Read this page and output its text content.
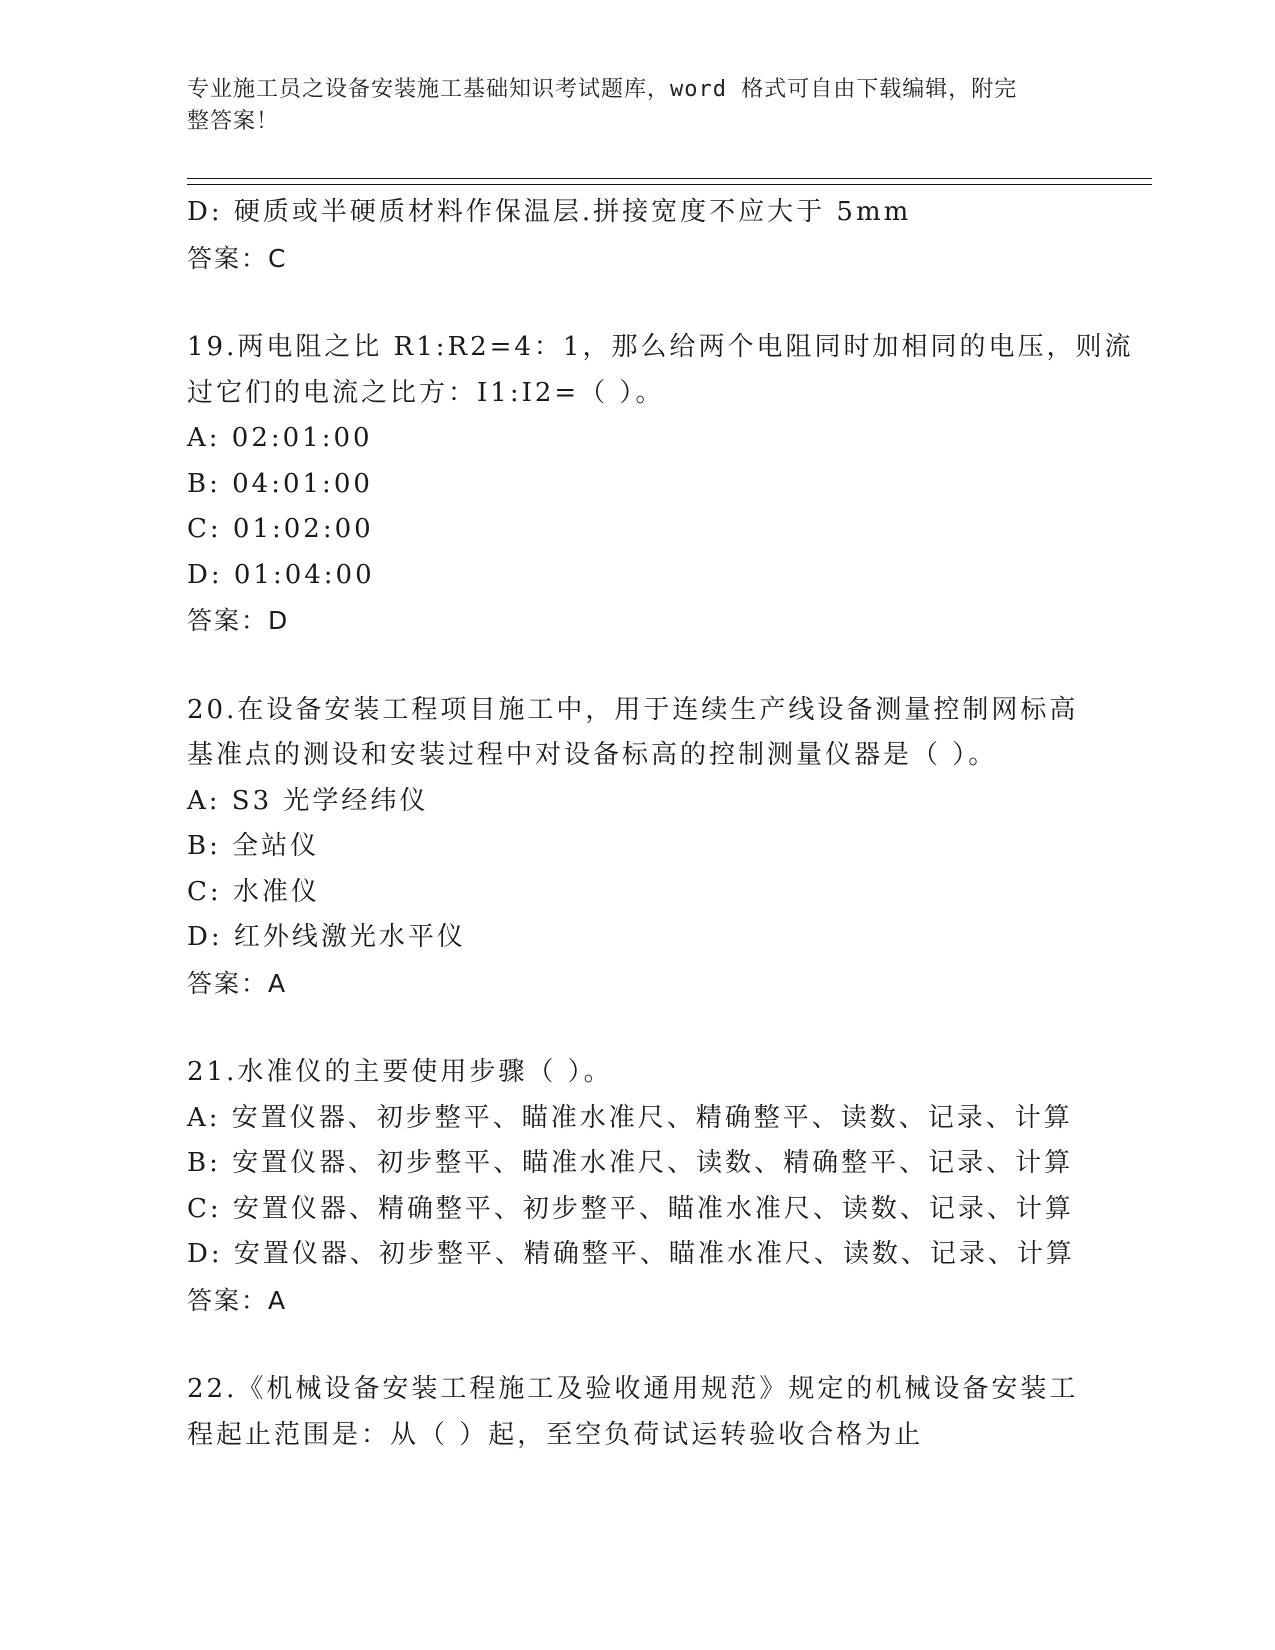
专业施工员之设备安装施工基础知识考试题库，word 格式可自由下载编辑，附完
整答案！
D: 硬质或半硬质材料作保温层.拼接宽度不应大于 5mm
答案：C
19.两电阻之比 R1:R2=4：1，那么给两个电阻同时加相同的电压，则流
过它们的电流之比方：I1:I2=（ ）。
A: 02:01:00
B: 04:01:00
C: 01:02:00
D: 01:04:00
答案：D
20.在设备安装工程项目施工中，用于连续生产线设备测量控制网标高
基准点的测设和安装过程中对设备标高的控制测量仪器是（ ）。
A: S3 光学经纬仪
B: 全站仪
C: 水准仪
D: 红外线激光水平仪
答案：A
21.水准仪的主要使用步骤（ ）。
A: 安置仪器、初步整平、瞄准水准尺、精确整平、读数、记录、计算
B: 安置仪器、初步整平、瞄准水准尺、读数、精确整平、记录、计算
C: 安置仪器、精确整平、初步整平、瞄准水准尺、读数、记录、计算
D: 安置仪器、初步整平、精确整平、瞄准水准尺、读数、记录、计算
答案：A
22.《机械设备安装工程施工及验收通用规范》规定的机械设备安装工
程起止范围是：从（ ）起，至空负荷试运转验收合格为止
